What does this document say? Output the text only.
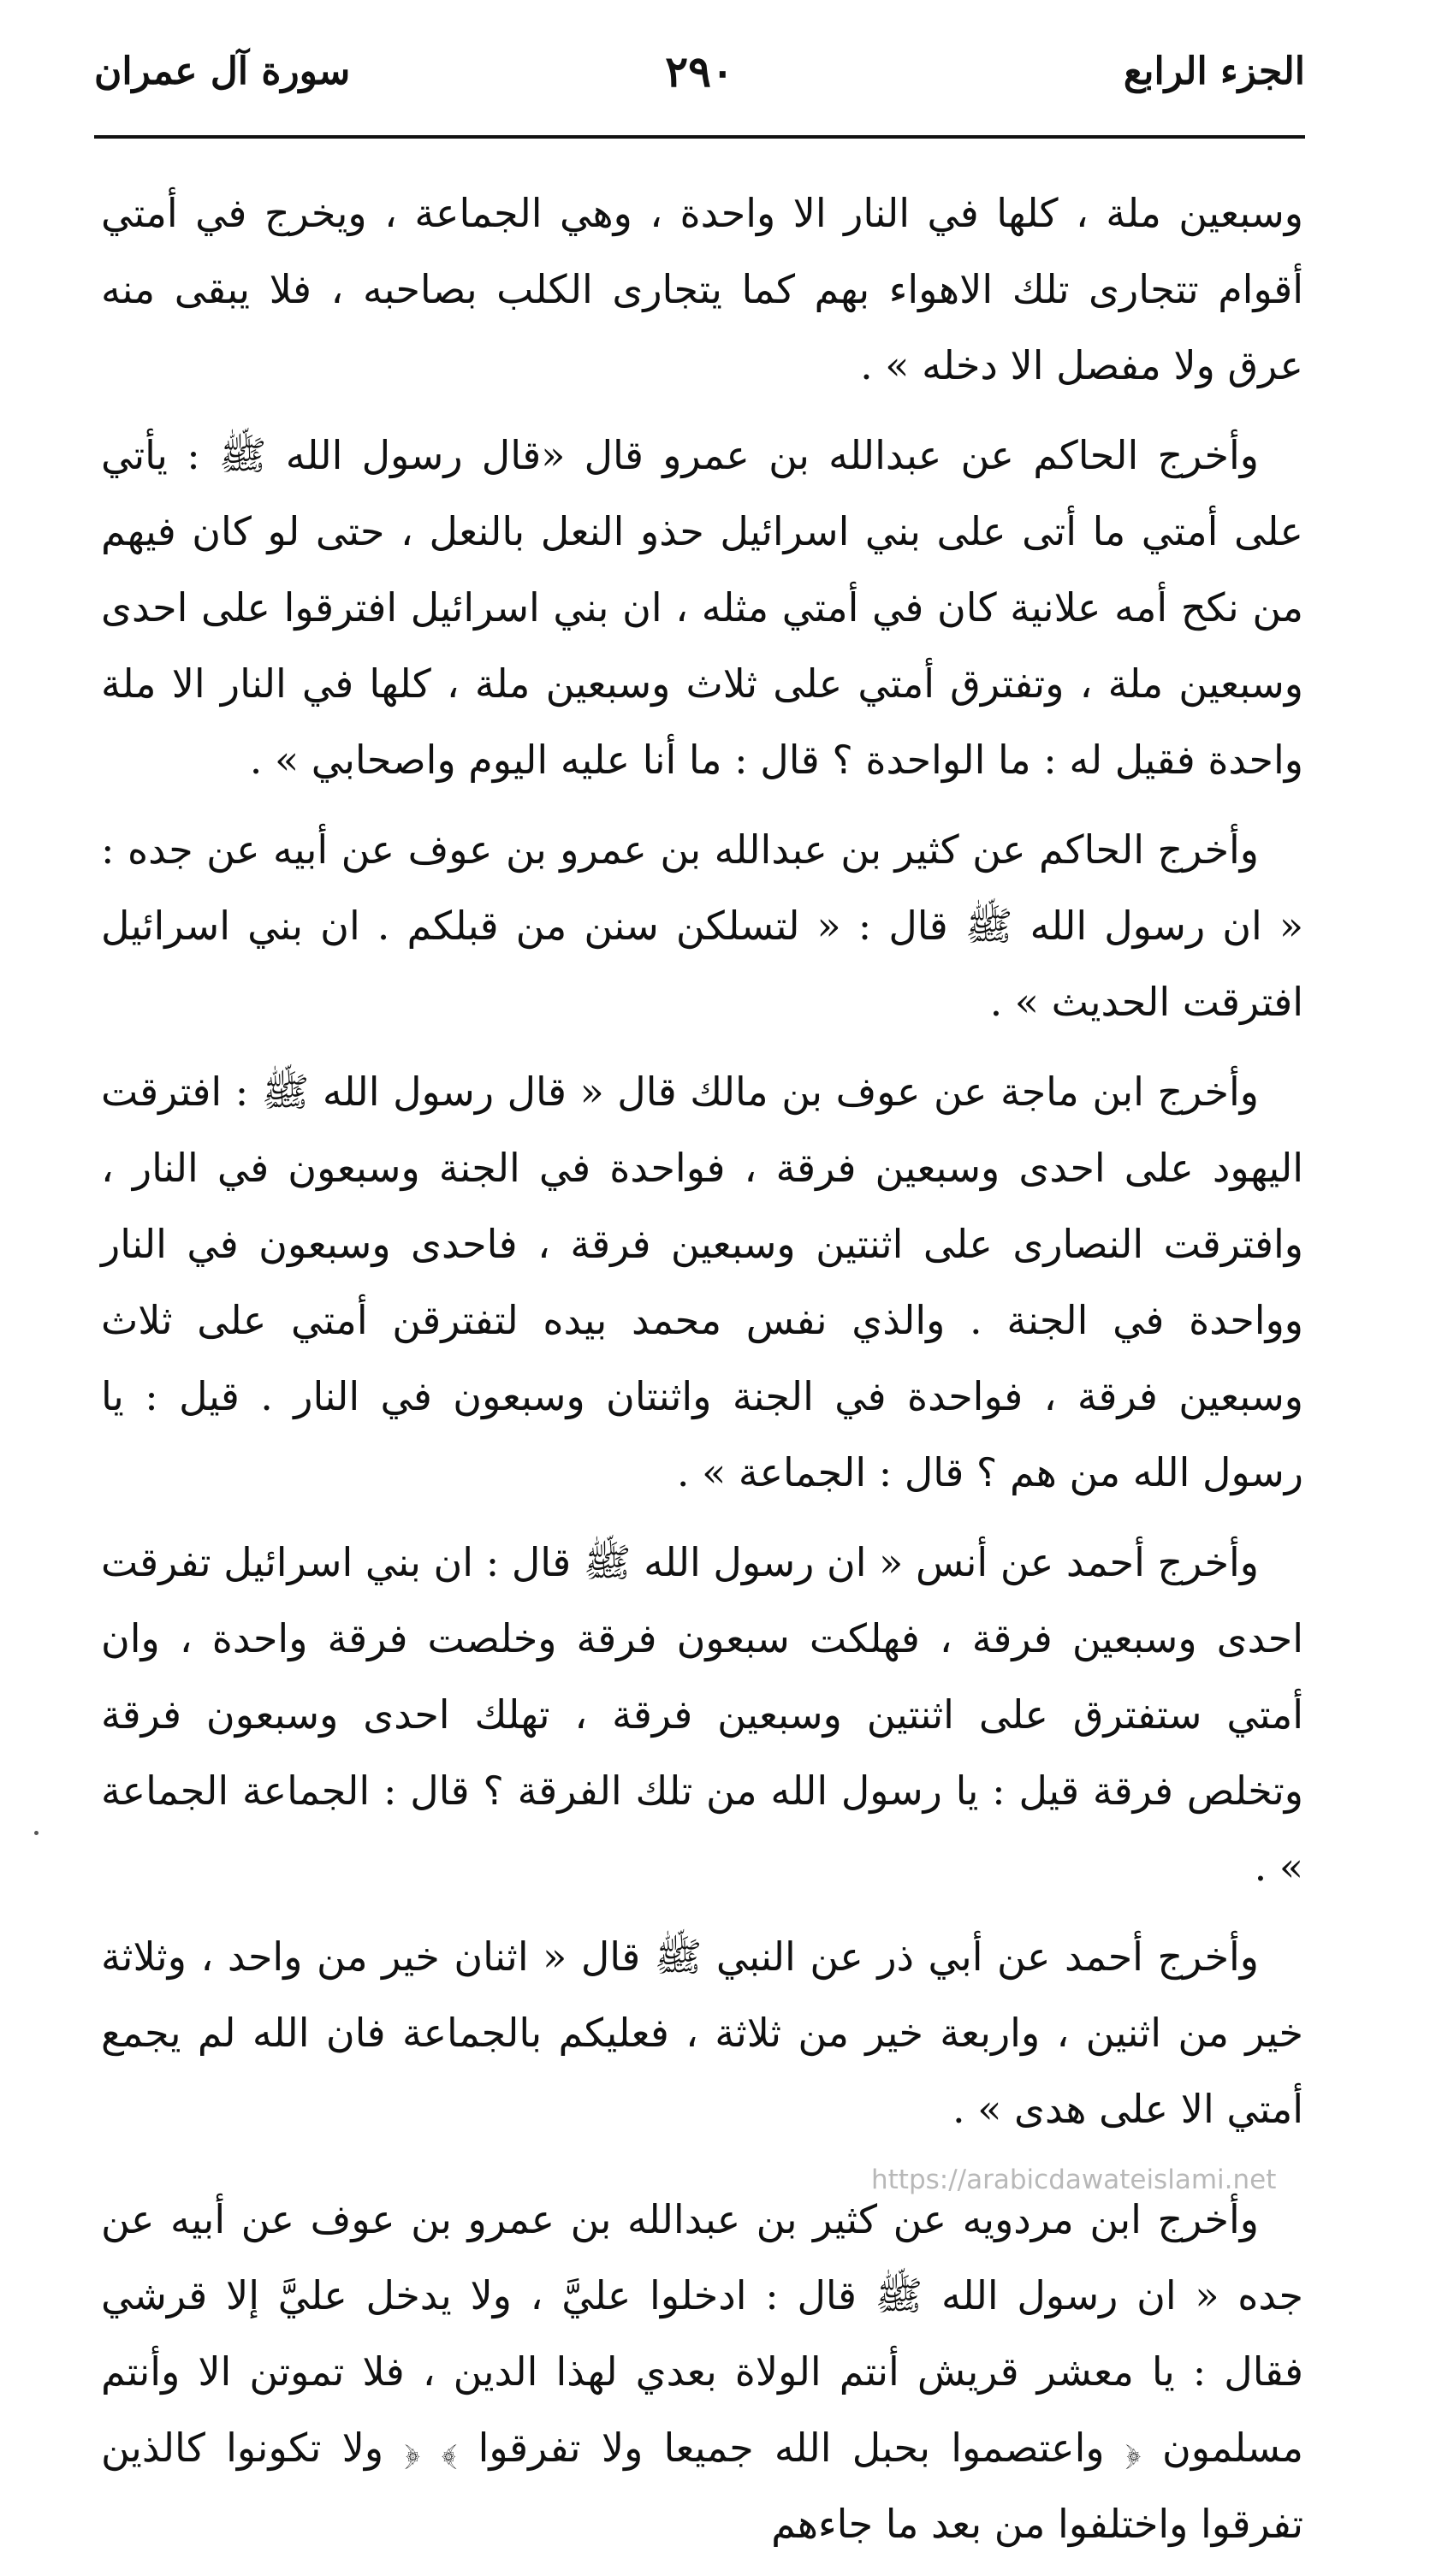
الجزء الرابع
٢٩٠
سورة آل عمران

وسبعين ملة ، كلها في النار الا واحدة ، وهي الجماعة ، ويخرج في أمتي أقوام تتجارى تلك الاهواء بهم كما يتجارى الكلب بصاحبه ، فلا يبقى منه عرق ولا مفصل الا دخله » .

وأخرج الحاكم عن عبدالله بن عمرو قال «قال رسول الله ﷺ : يأتي على أمتي ما أتى على بني اسرائيل حذو النعل بالنعل ، حتى لو كان فيهم من نكح أمه علانية كان في أمتي مثله ، ان بني اسرائيل افترقوا على احدى وسبعين ملة ، وتفترق أمتي على ثلاث وسبعين ملة ، كلها في النار الا ملة واحدة فقيل له : ما الواحدة ؟ قال : ما أنا عليه اليوم واصحابي » .

وأخرج الحاكم عن كثير بن عبدالله بن عمرو بن عوف عن أبيه عن جده : « ان رسول الله ﷺ قال : « لتسلكن سنن من قبلكم . ان بني اسرائيل افترقت الحديث » .

وأخرج ابن ماجة عن عوف بن مالك قال « قال رسول الله ﷺ : افترقت اليهود على احدى وسبعين فرقة ، فواحدة في الجنة وسبعون في النار ، وافترقت النصارى على اثنتين وسبعين فرقة ، فاحدى وسبعون في النار وواحدة في الجنة . والذي نفس محمد بيده لتفترقن أمتي على ثلاث وسبعين فرقة ، فواحدة في الجنة واثنتان وسبعون في النار . قيل : يا رسول الله من هم ؟ قال : الجماعة » .

وأخرج أحمد عن أنس « ان رسول الله ﷺ قال : ان بني اسرائيل تفرقت احدى وسبعين فرقة ، فهلكت سبعون فرقة وخلصت فرقة واحدة ، وان أمتي ستفترق على اثنتين وسبعين فرقة ، تهلك احدى وسبعون فرقة وتخلص فرقة قيل : يا رسول الله من تلك الفرقة ؟ قال : الجماعة الجماعة » .

وأخرج أحمد عن أبي ذر عن النبي ﷺ قال « اثنان خير من واحد ، وثلاثة خير من اثنين ، واربعة خير من ثلاثة ، فعليكم بالجماعة فان الله لم يجمع أمتي الا على هدى » .

وأخرج ابن مردويه عن كثير بن عبدالله بن عمرو بن عوف عن أبيه عن جده « ان رسول الله ﷺ قال : ادخلوا عليَّ ، ولا يدخل عليَّ إلا قرشي فقال : يا معشر قريش أنتم الولاة بعدي لهذا الدين ، فلا تموتن الا وأنتم مسلمون ﴿ واعتصموا بحبل الله جميعا ولا تفرقوا ﴾ ﴿ ولا تكونوا كالذين تفرقوا واختلفوا من بعد ما جاءهم

https://arabicdawateislami.net
